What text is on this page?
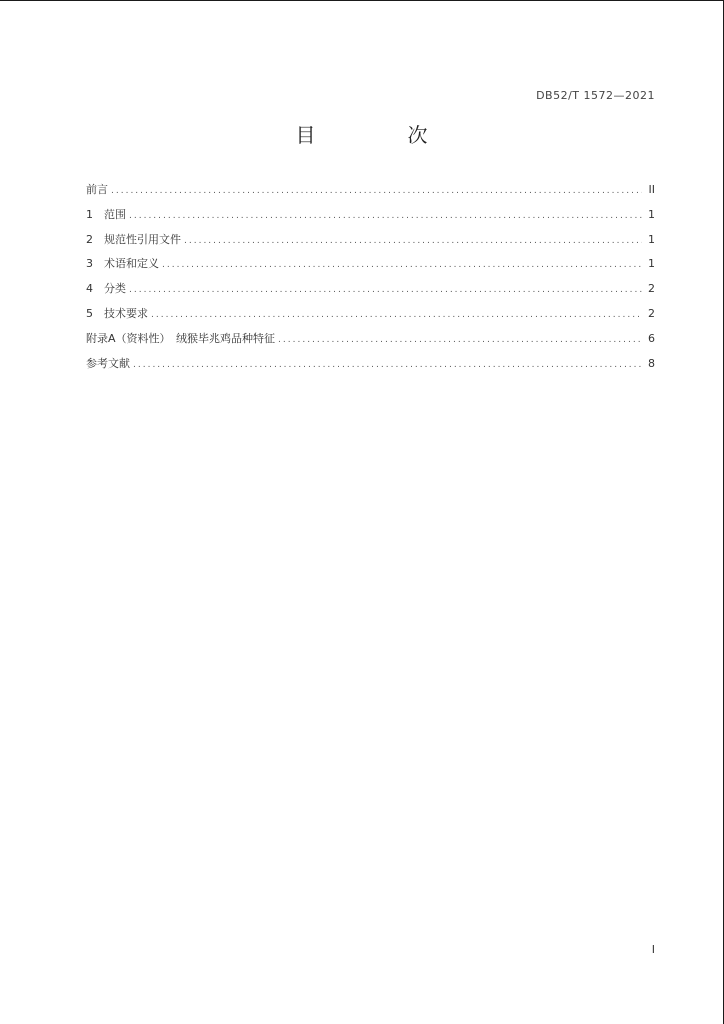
DB52/T 1572—2021
目　次
前言 .....	II
1　范围 .....	1
2　规范性引用文件 .....	1
3　术语和定义 .....	1
4　分类 .....	2
5　技术要求 .....	2
附录A（资料性）　绒猴毕兆鸡品种特征 .....	6
参考文献 .....	8
I
